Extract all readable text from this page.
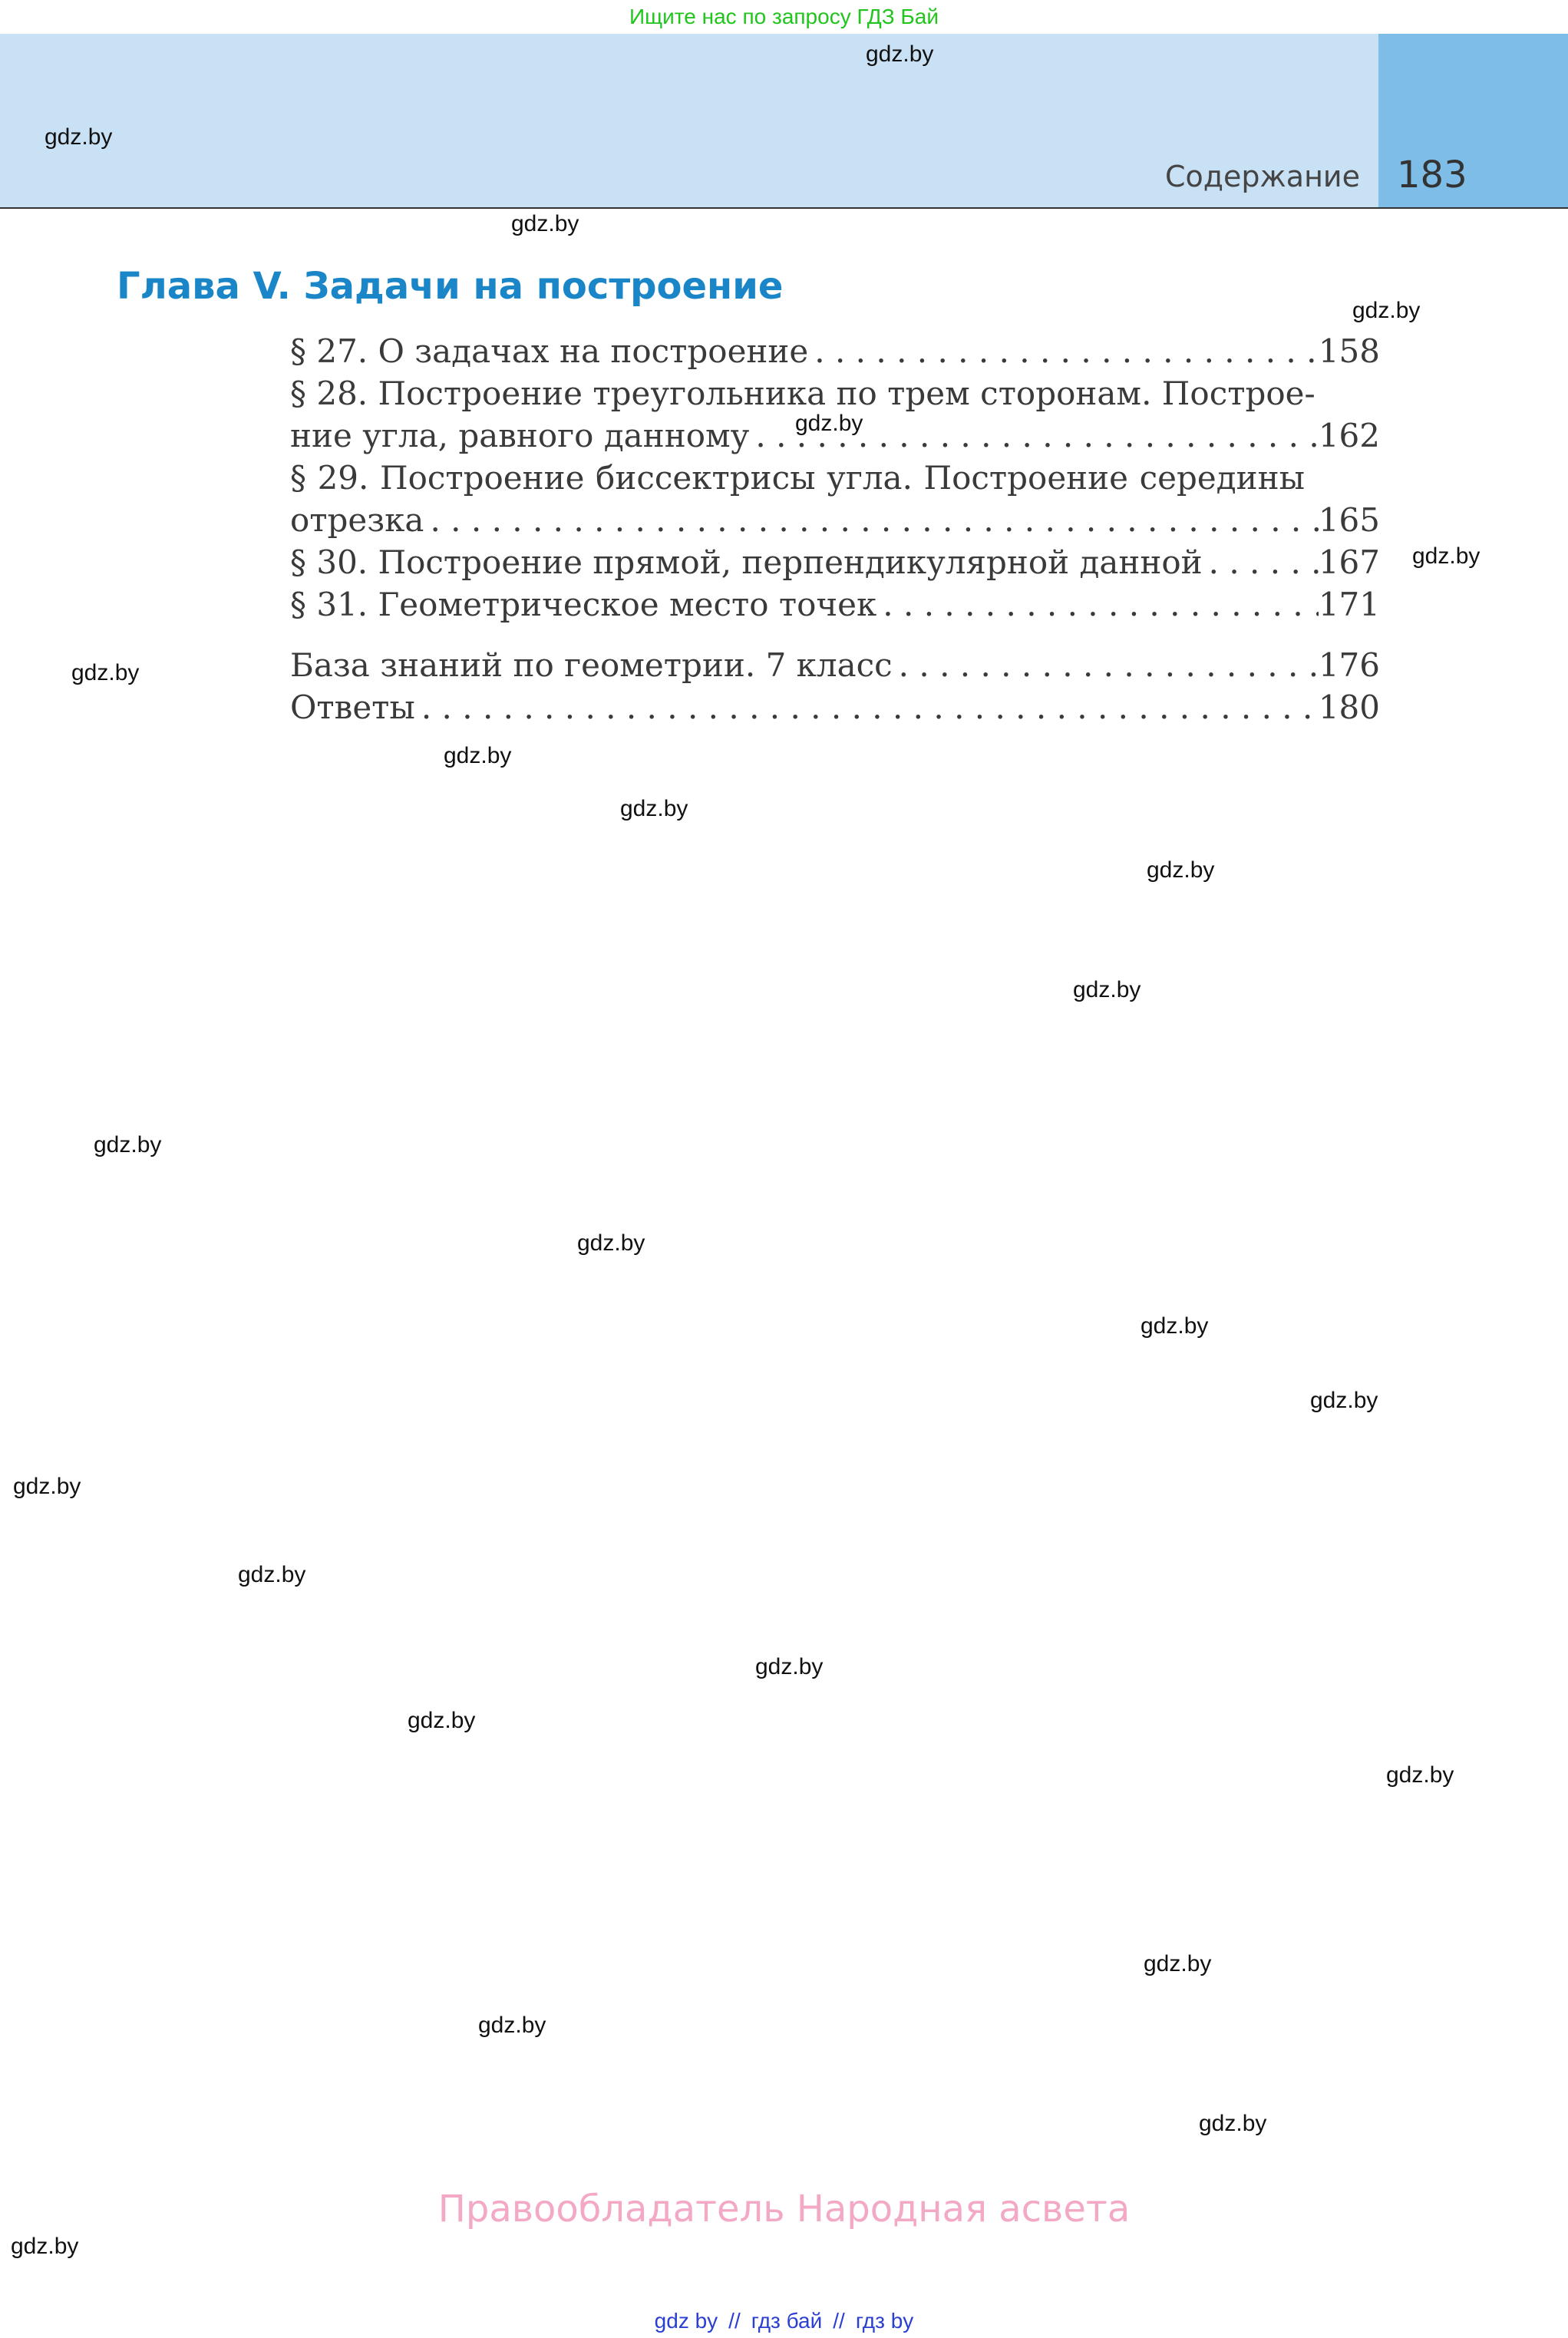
Ищите нас по запросу ГДЗ Бай
Содержание 183
Глава V. Задачи на построение
§ 27. О задачах на построение . . .	158
§ 28. Построение треугольника по трем сторонам. Построе-
ние угла, равного данному . . .	162
§ 29. Построение биссектрисы угла. Построение середины
отрезка . . .	165
§ 30. Построение прямой, перпендикулярной данной . . .	167
§ 31. Геометрическое место точек . . .	171
База знаний по геометрии. 7 класс . . .	176
Ответы . . .	180
gdz.by
gdz.by
gdz.by
gdz.by
gdz.by
gdz.by
gdz.by
gdz.by
gdz.by
gdz.by
gdz.by
gdz.by
gdz.by
gdz.by
gdz.by
gdz.by
gdz.by
gdz.by
gdz.by
gdz.by
gdz.by
gdz.by
gdz.by
gdz.by
Правообладатель Народная асвета
gdz by // гдз бай // гдз by
